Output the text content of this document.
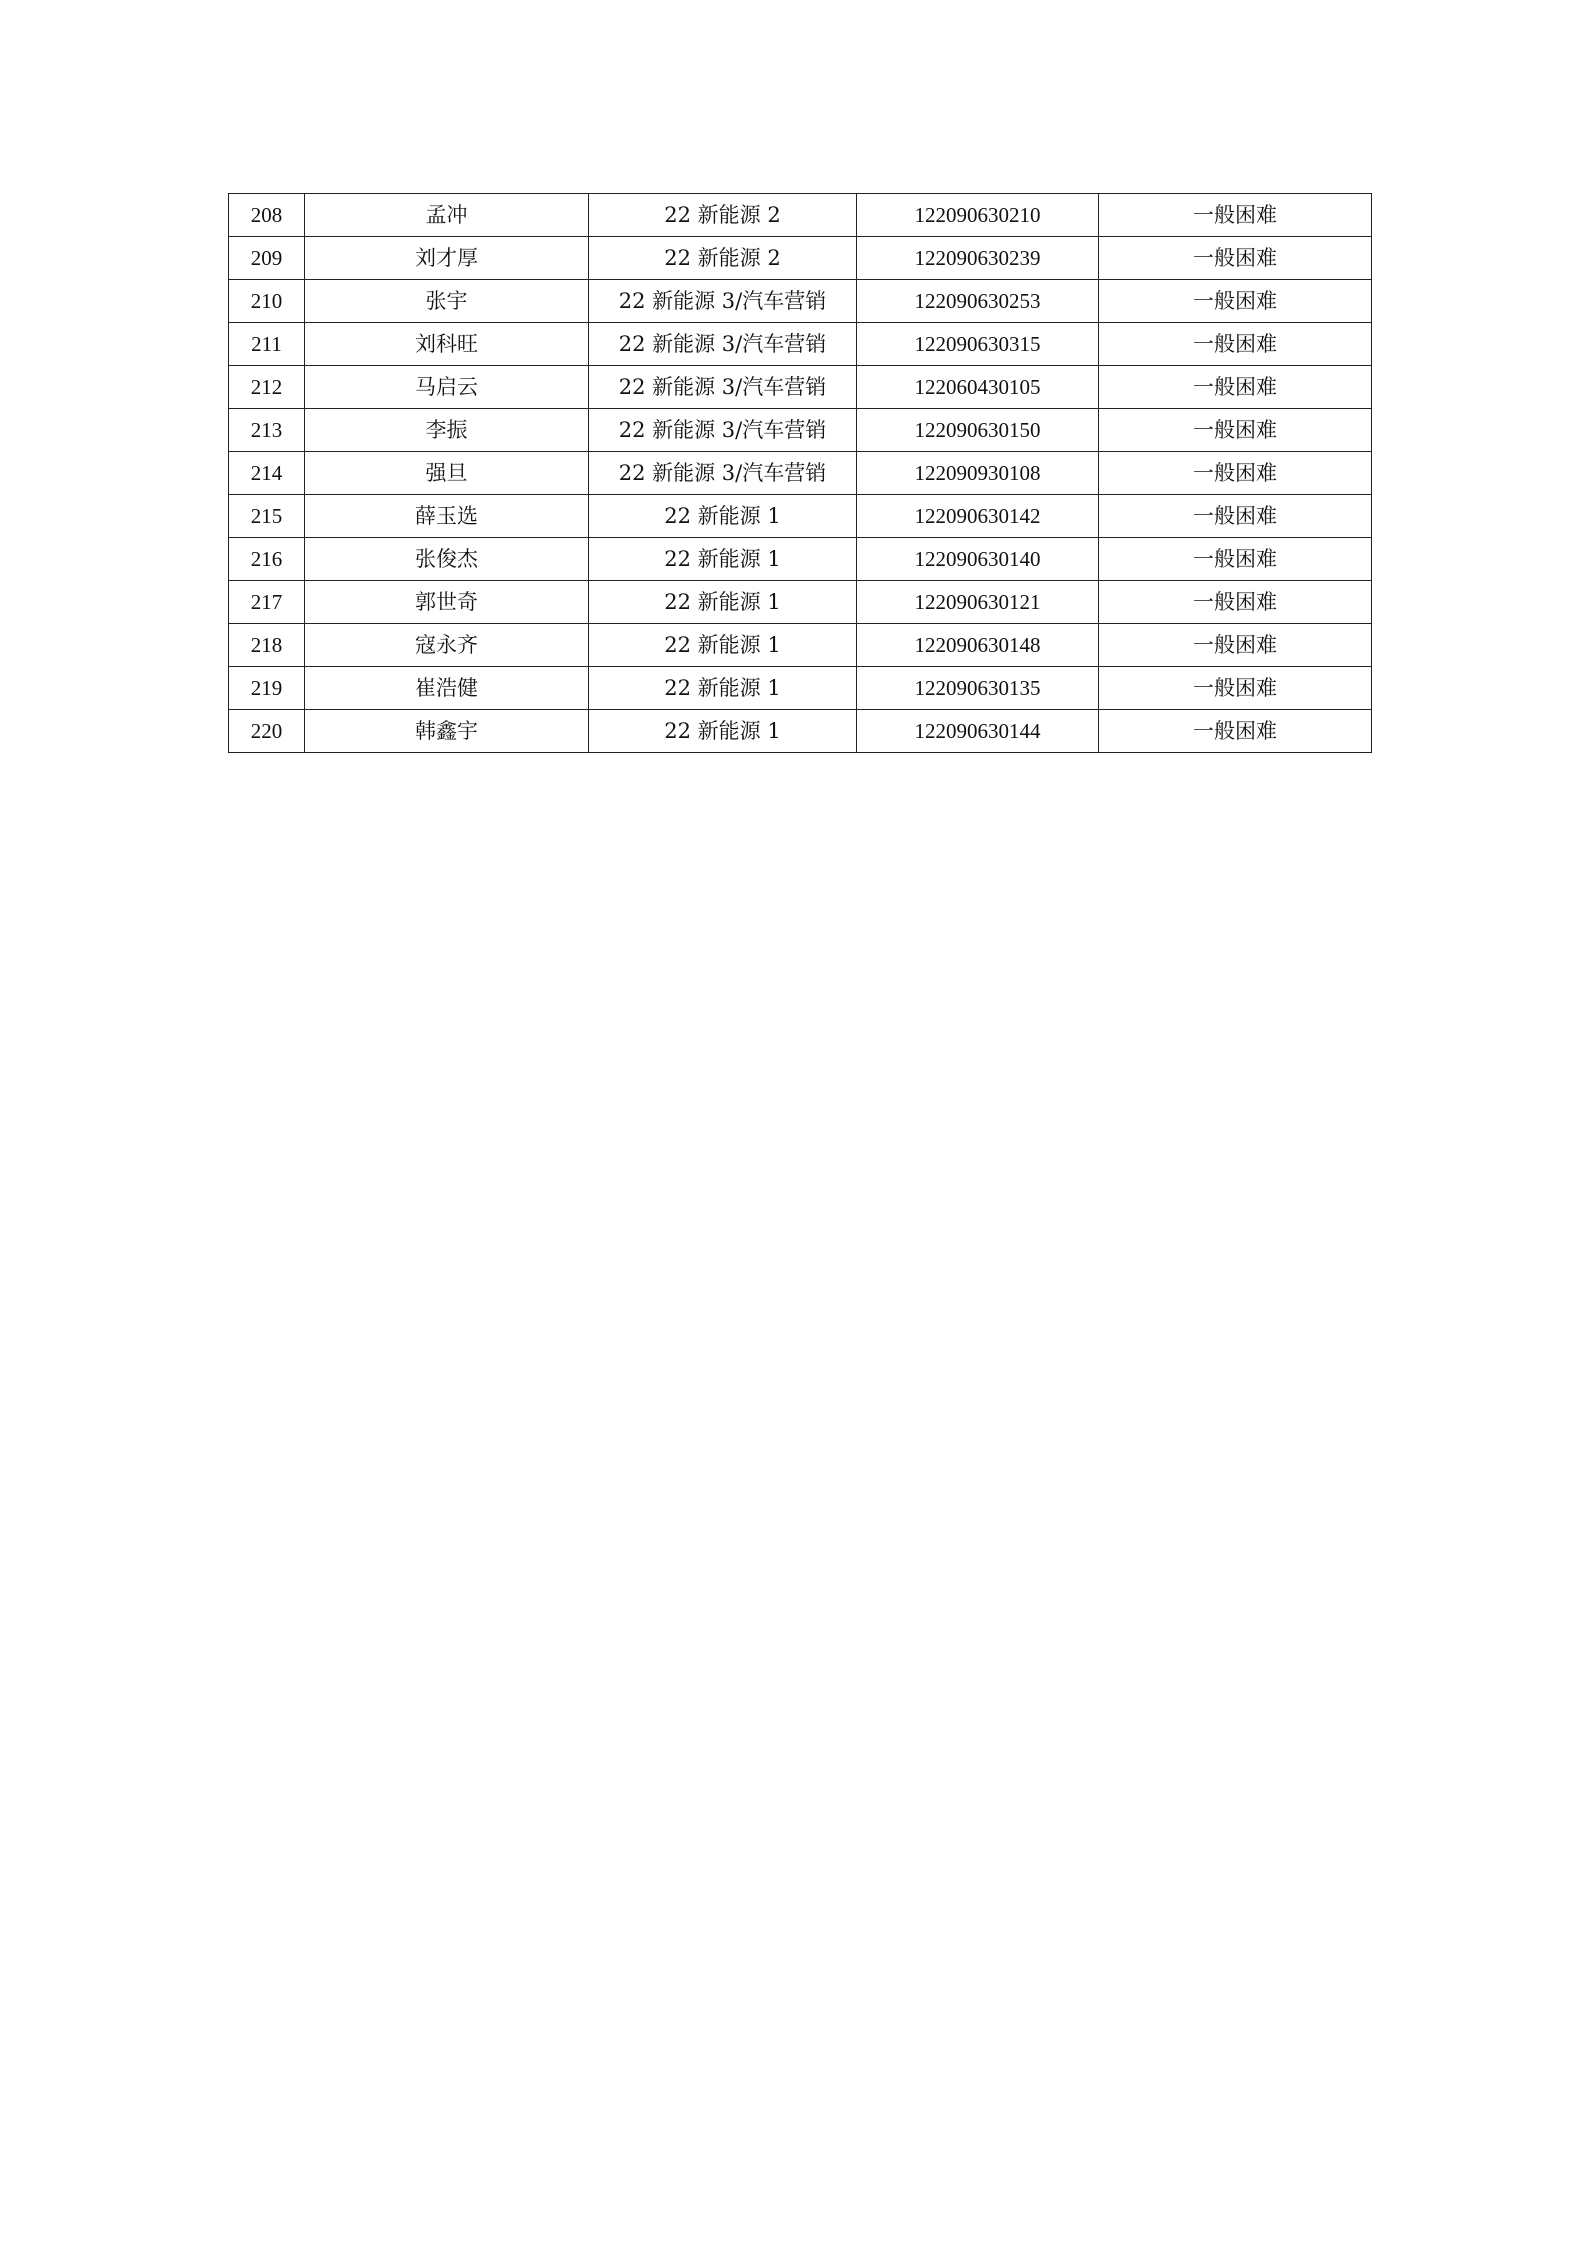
208	孟冲	22 新能源 2	122090630210	一般困难
209	刘才厚	22 新能源 2	122090630239	一般困难
210	张宇	22 新能源 3/汽车营销	122090630253	一般困难
211	刘科旺	22 新能源 3/汽车营销	122090630315	一般困难
212	马启云	22 新能源 3/汽车营销	122060430105	一般困难
213	李振	22 新能源 3/汽车营销	122090630150	一般困难
214	强旦	22 新能源 3/汽车营销	122090930108	一般困难
215	薛玉选	22 新能源 1	122090630142	一般困难
216	张俊杰	22 新能源 1	122090630140	一般困难
217	郭世奇	22 新能源 1	122090630121	一般困难
218	寇永齐	22 新能源 1	122090630148	一般困难
219	崔浩健	22 新能源 1	122090630135	一般困难
220	韩鑫宇	22 新能源 1	122090630144	一般困难
